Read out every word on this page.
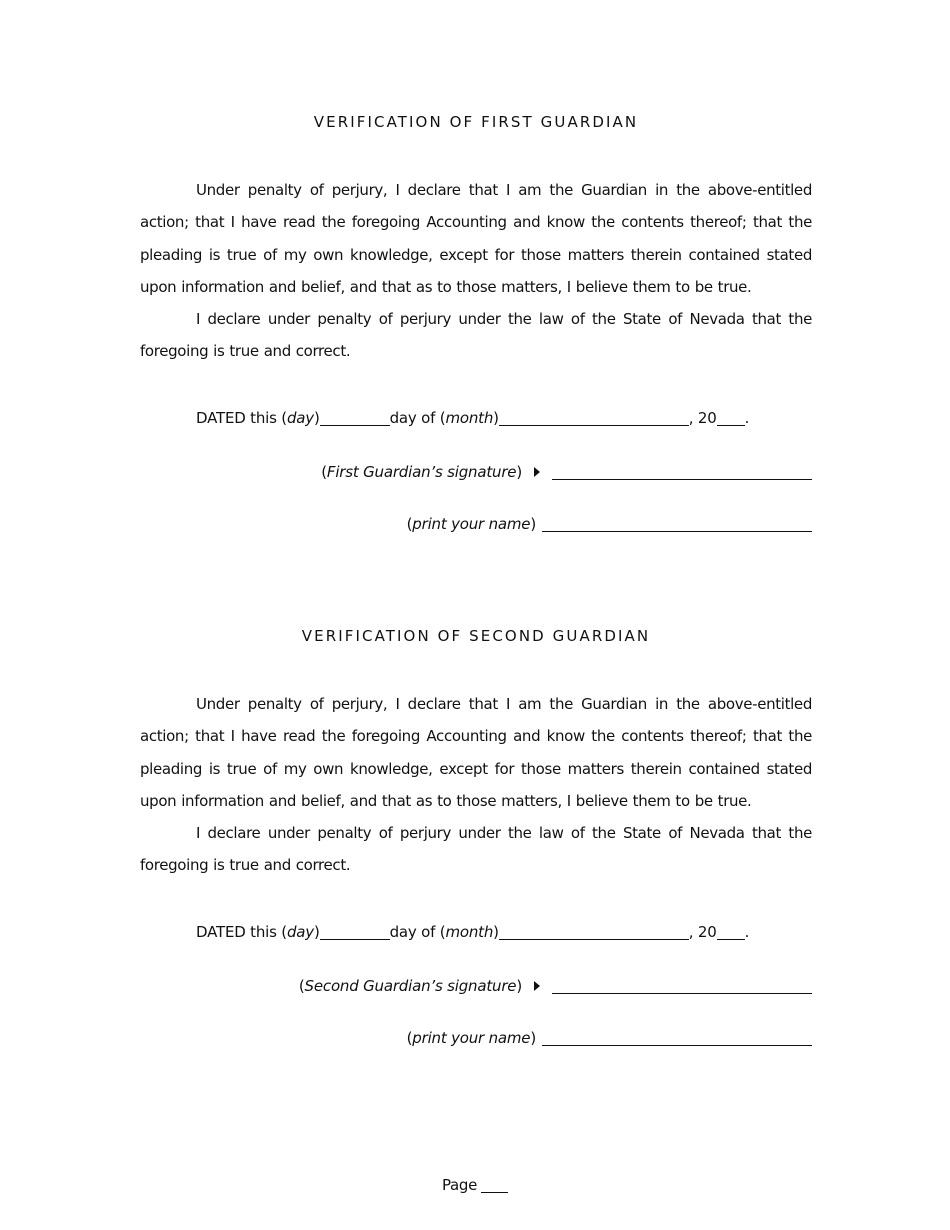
VERIFICATION OF FIRST GUARDIAN

Under penalty of perjury, I declare that I am the Guardian in the above-entitled action; that I have read the foregoing Accounting and know the contents thereof; that the pleading is true of my own knowledge, except for those matters therein contained stated upon information and belief, and that as to those matters, I believe them to be true.

I declare under penalty of perjury under the law of the State of Nevada that the foregoing is true and correct.

DATED this (day)	day of (month)	, 20 .
(First Guardian’s signature)
(print your name)
VERIFICATION OF SECOND GUARDIAN

Under penalty of perjury, I declare that I am the Guardian in the above-entitled action; that I have read the foregoing Accounting and know the contents thereof; that the pleading is true of my own knowledge, except for those matters therein contained stated upon information and belief, and that as to those matters, I believe them to be true.

I declare under penalty of perjury under the law of the State of Nevada that the foregoing is true and correct.

DATED this (day)	day of (month)	, 20 .
(Second Guardian’s signature)
(print your name)
Page
